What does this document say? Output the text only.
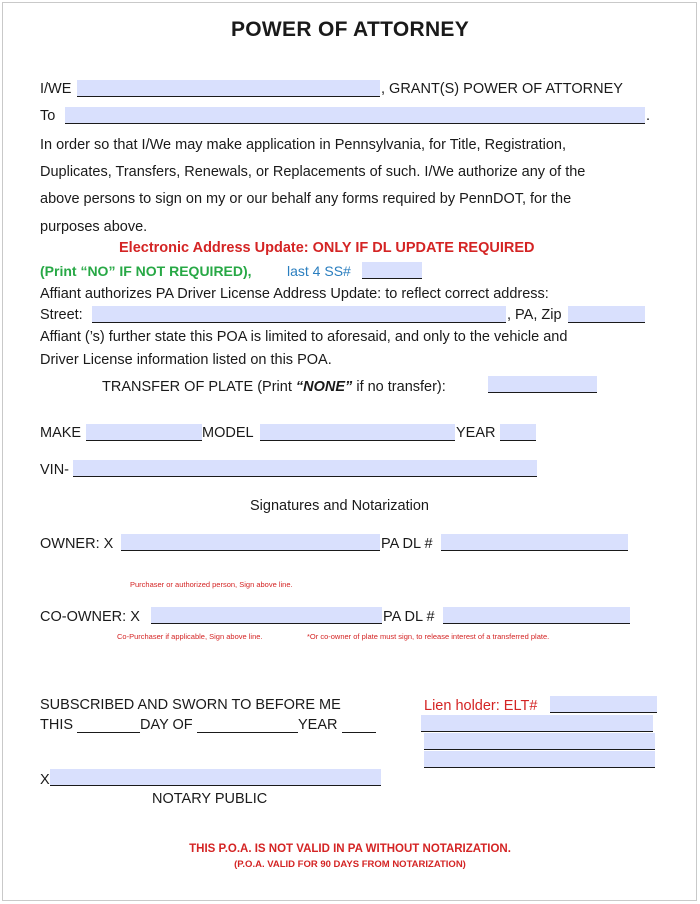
POWER OF ATTORNEY
I/WE	, GRANT(S) POWER OF ATTORNEY
To	.
In order so that I/We may make application in Pennsylvania, for Title, Registration,
Duplicates, Transfers, Renewals, or Replacements of such. I/We authorize any of the
above persons to sign on my or our behalf any forms required by PennDOT, for the
purposes above.
Electronic Address Update: ONLY IF DL UPDATE REQUIRED
(Print “NO” IF NOT REQUIRED),	last 4 SS#
Affiant authorizes PA Driver License Address Update: to reflect correct address:
Street:	, PA, Zip
Affiant (’s) further state this POA is limited to aforesaid, and only to the vehicle and
Driver License information listed on this POA.
TRANSFER OF PLATE (Print “NONE” if no transfer):
MAKE	MODEL	YEAR
VIN-
Signatures and Notarization
OWNER: X	PA DL #
Purchaser or authorized person, Sign above line.
CO-OWNER: X	PA DL #
Co-Purchaser if applicable, Sign above line.	*Or co-owner of plate must sign, to release interest of a transferred plate.
SUBSCRIBED AND SWORN TO BEFORE ME
THIS	DAY OF	YEAR
X
NOTARY PUBLIC
Lien holder: ELT#
THIS P.O.A. IS NOT VALID IN PA WITHOUT NOTARIZATION.
(P.O.A. VALID FOR 90 DAYS FROM NOTARIZATION)
